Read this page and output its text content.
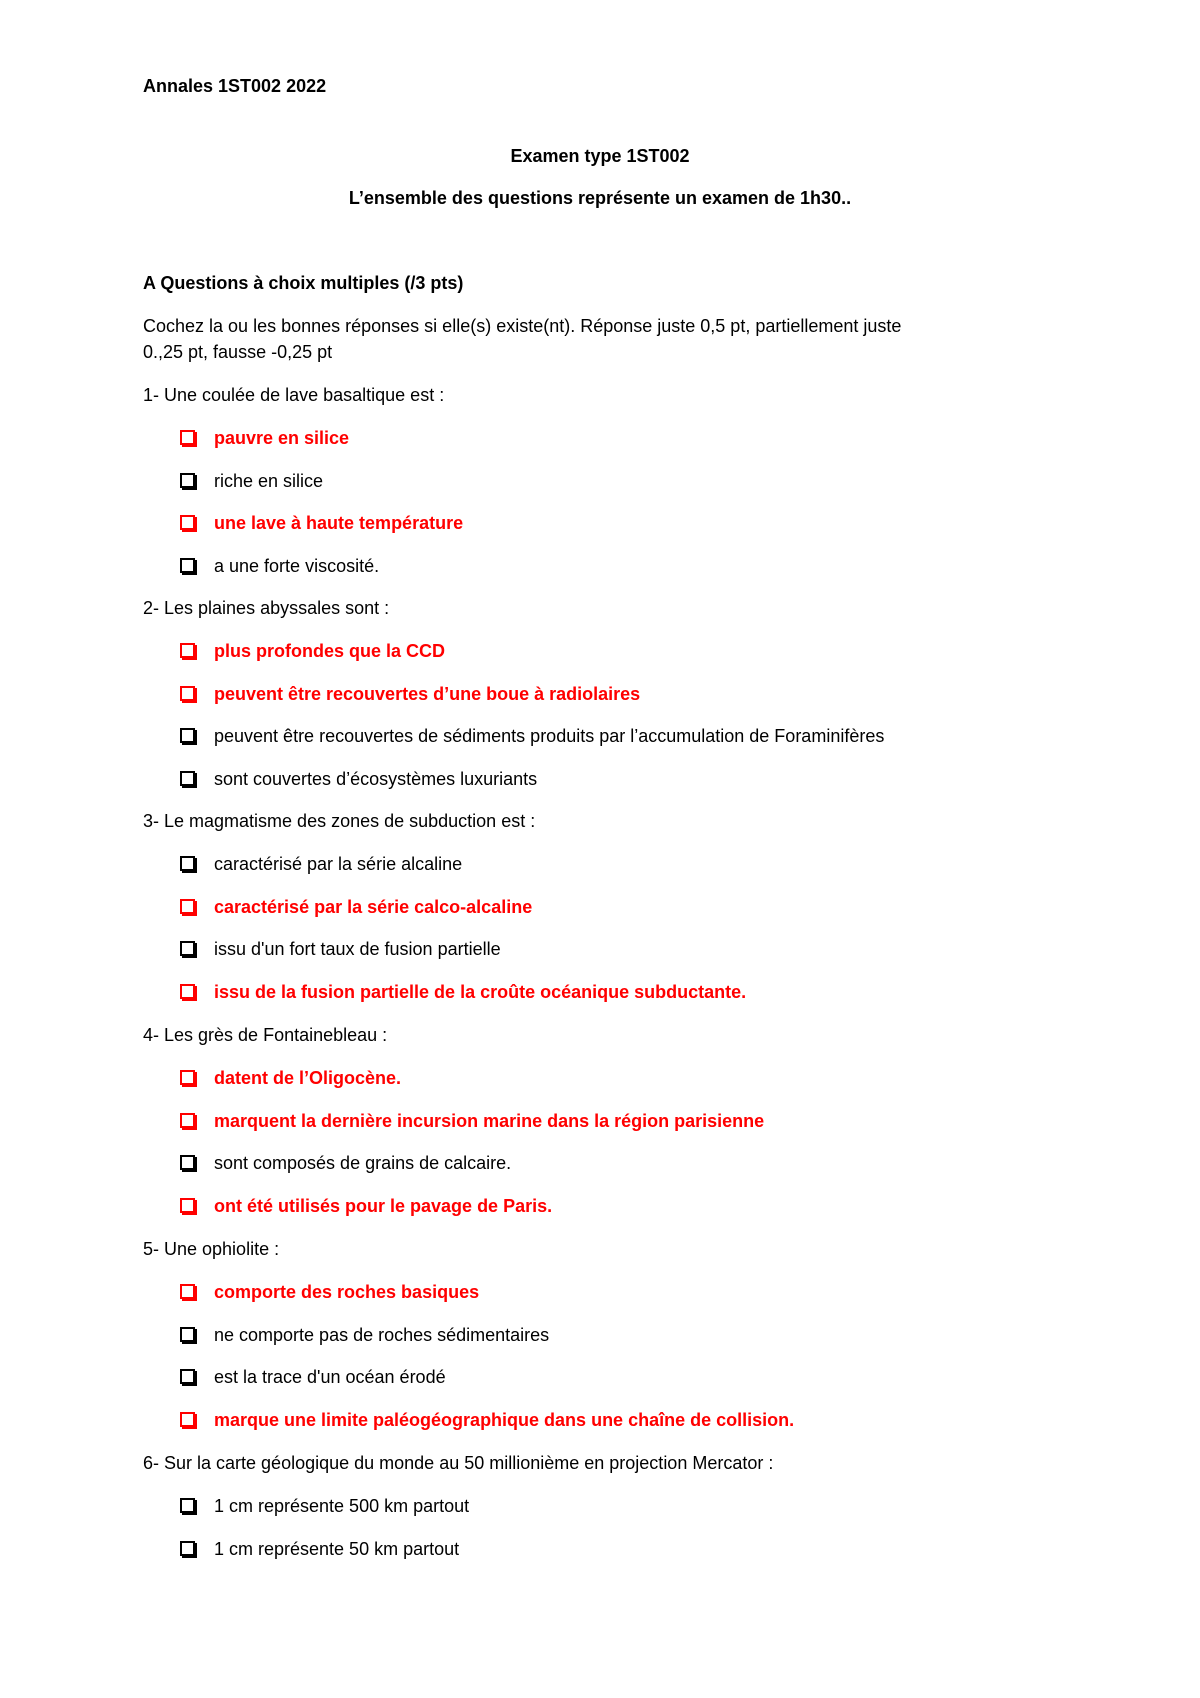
Annales 1ST002 2022
Examen type 1ST002
L’ensemble des questions représente un examen de 1h30..
A Questions à choix multiples (/3 pts)
Cochez la ou les bonnes réponses si elle(s) existe(nt). Réponse juste 0,5 pt, partiellement juste
0.,25 pt, fausse -0,25 pt
1- Une coulée de lave basaltique est :
pauvre en silice
riche en silice
une lave à haute température
a une forte viscosité.
2- Les plaines abyssales sont :
plus profondes que la CCD
peuvent être recouvertes d’une boue à radiolaires
peuvent être recouvertes de sédiments produits par l’accumulation de Foraminifères
sont couvertes d’écosystèmes luxuriants
3- Le magmatisme des zones de subduction est :
caractérisé par la série alcaline
caractérisé par la série calco-alcaline
issu d'un fort taux de fusion partielle
issu de la fusion partielle de la croûte océanique subductante.
4- Les grès de Fontainebleau :
datent de l’Oligocène.
marquent la dernière incursion marine dans la région parisienne
sont composés de grains de calcaire.
ont été utilisés pour le pavage de Paris.
5- Une ophiolite :
comporte des roches basiques
ne comporte pas de roches sédimentaires
est la trace d'un océan érodé
marque une limite paléogéographique dans une chaîne de collision.
6- Sur la carte géologique du monde au 50 millionième en projection Mercator :
1 cm représente 500 km partout
1 cm représente 50 km partout
